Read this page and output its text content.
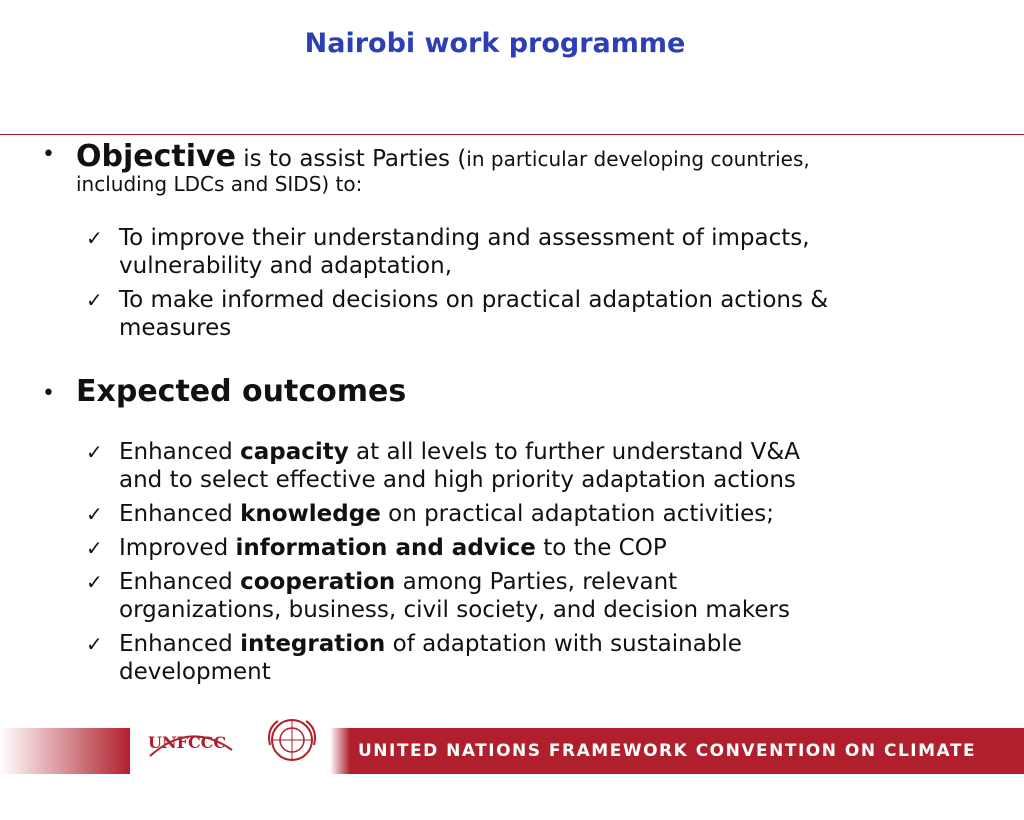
Nairobi work programme
• Objective is to assist Parties (in particular developing countries,
including LDCs and SIDS) to:
✓ To improve their understanding and assessment of impacts,
vulnerability and adaptation,
✓ To make informed decisions on practical adaptation actions &
measures
• Expected outcomes
✓ Enhanced capacity at all levels to further understand V&A
and to select effective and high priority adaptation actions
✓ Enhanced knowledge on practical adaptation activities;
✓ Improved information and advice to the COP
✓ Enhanced cooperation among Parties, relevant
organizations, business, civil society, and decision makers
✓ Enhanced integration of adaptation with sustainable
development
UNFCCC	UNITED NATIONS FRAMEWORK CONVENTION ON CLIMATE CHANGE
